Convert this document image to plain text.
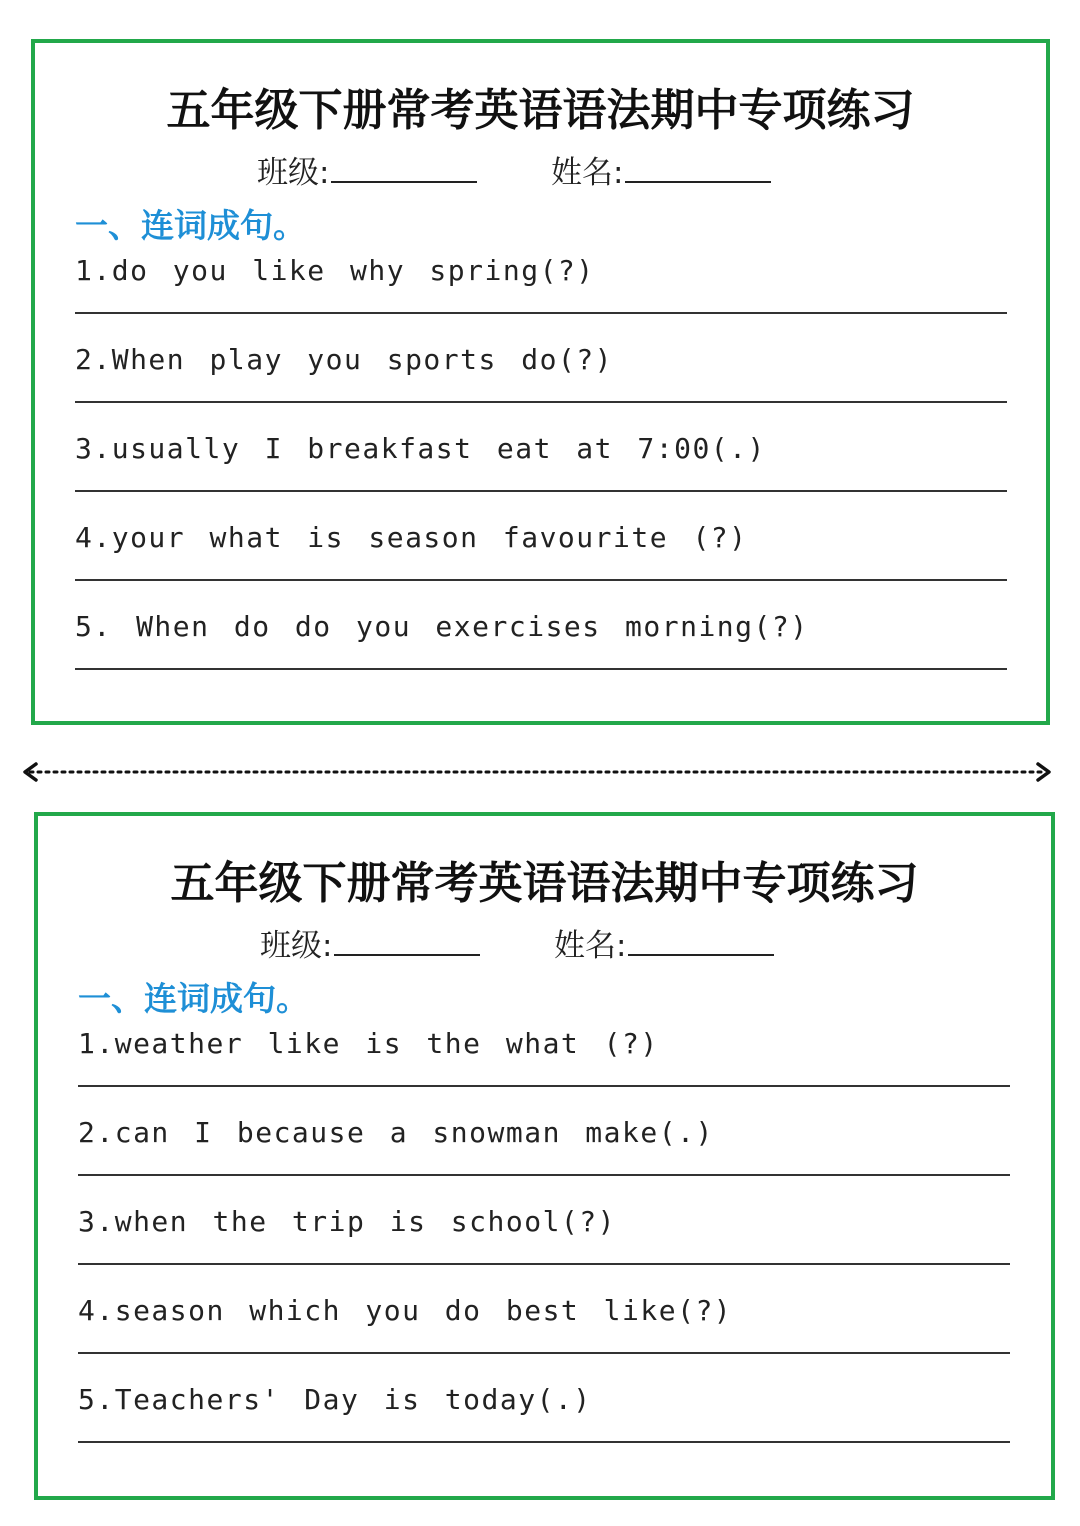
五年级下册常考英语语法期中专项练习
班级:	姓名:
一、连词成句。
1.do you like why spring(?)
2.When play you sports do(?)
3.usually I breakfast eat at 7:00(.)
4.your what is season favourite (?)
5. When do do you exercises morning(?)
五年级下册常考英语语法期中专项练习
班级:	姓名:
一、连词成句。
1.weather like is the what (?)
2.can I because a snowman make(.)
3.when the trip is school(?)
4.season which you do best like(?)
5.Teachers' Day is today(.)
